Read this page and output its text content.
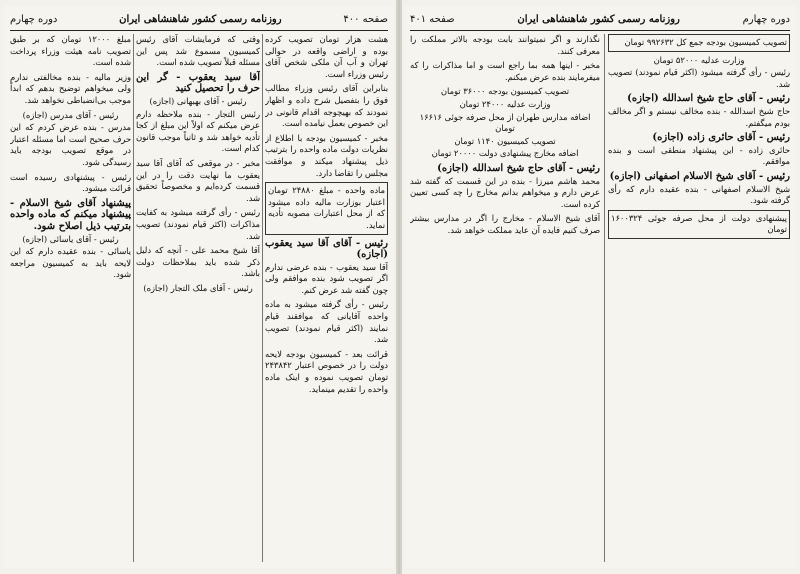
دوره چهارم	روزنامه رسمی کشور شاهنشاهی ایران	صفحه ۴۰۰

هشت هزار تومان تصویب کرده بوده و اراضی واقعه در حوالی تهران و آب آن ملکی شخص آقای رئیس وزراء است.

بنابراین آقای رئیس وزراء مطالب فوق را بتفصیل شرح داده و اظهار نمودند که بهیچوجه اقدام قانونی در این خصوص بعمل نیامده است.

مخبر - کمیسیون بودجه با اطلاع از نظریات دولت ماده واحده را بترتیب ذیل پیشنهاد میکند و موافقت مجلس را تقاضا دارد.

ماده واحده - مبلغ ۲۴۸۸۰ تومان اعتبار بوزارت مالیه داده میشود که از محل اعتبارات مصوبه تأدیه نماید.

رئیس - آقای آقا سید یعقوب (اجازه)

آقا سید یعقوب - بنده عرضی ندارم اگر تصویب شود بنده موافقم ولی چون گفته شد عرض کنم.

رئیس - رأی گرفته میشود به ماده واحده آقایانی که موافقند قیام نمایند (اکثر قیام نمودند) تصویب شد.

قرائت بعد - کمیسیون بودجه لایحه دولت را در خصوص اعتبار ۲۴۳۸۴۲ تومان تصویب نموده و اینک ماده واحده را تقدیم مینماید.

وقتی که فرمایشات آقای رئیس کمیسیون مسموع شد پس این مسئله قبلاً تصویب شده است.

آقا سید یعقوب - گر این حرف را تحصیل کنید

رئیس - آقای بهبهانی (اجازه)

رئیس التجار - بنده ملاحظه دارم عرض میکنم که اولاً این مبلغ از کجا تأدیه خواهد شد و ثانیاً موجب قانون کدام است.

مخبر - در موقعی که آقای آقا سید یعقوب ما نهایت دقت را در این قسمت کرده‌ایم و مخصوصاً تحقیق شد.

رئیس - رأی گرفته میشود به کفایت مذاکرات (اکثر قیام نمودند) تصویب شد.

آقا شیخ محمد علی - آنچه که دلیل ذکر شده باید بملاحظات دولت باشد.

رئیس - آقای ملک التجار (اجازه)

مبلغ ۱۲۰۰۰ تومان که بر طبق تصویب نامه هیئت وزراء پرداخت شده است.

وزیر مالیه - بنده مخالفتی ندارم ولی میخواهم توضیح بدهم که ابداً موجب بی‌انضباطی نخواهد شد.

رئیس - آقای مدرس (اجازه)

مدرس - بنده عرض کردم که این حرف صحیح است اما مسئله اعتبار در موقع تصویب بودجه باید رسیدگی شود.

رئیس - پیشنهادی رسیده است قرائت میشود.

پیشنهاد آقای شیخ الاسلام - پیشنهاد میکنم که ماده واحده بترتیب ذیل اصلاح شود.

رئیس - آقای یاسائی (اجازه)

یاسائی - بنده عقیده دارم که این لایحه باید به کمیسیون مراجعه شود.

صفحه ۴۰۱	روزنامه رسمی کشور شاهنشاهی ایران	دوره چهارم

تصویب کمیسیون بودجه جمع کل ۹۹۲۶۳۲ تومان

وزارت عدلیه ۵۲۰۰۰ تومان

رئیس - رأی گرفته میشود (اکثر قیام نمودند) تصویب شد.

رئیس - آقای حاج شیخ اسدالله (اجازه)

حاج شیخ اسدالله - بنده مخالف نیستم و اگر مخالف بودم میگفتم.

رئیس - آقای حائری زاده (اجازه)

حائری زاده - این پیشنهاد منطقی است و بنده موافقم.

رئیس - آقای شیخ الاسلام اصفهانی (اجازه)

شیخ الاسلام اصفهانی - بنده عقیده دارم که رأی گرفته شود.

پیشنهادی دولت از محل صرفه جوئی ۱۶۰۰۳۲۴ تومان

نگذارند و اگر نمیتوانند بابت بودجه بالاتر مملکت را معرفی کنند.

مخبر - اینها همه بما راجع است و اما مذاکرات را که میفرمایند بنده عرض میکنم.

تصویب کمیسیون بودجه ۳۶۰۰۰ تومان

وزارت عدلیه ۲۴۰۰۰ تومان

اضافه مدارس طهران از محل صرفه جوئی ۱۶۶۱۶ تومان

تصویب کمیسیون ۱۱۴۰ تومان

اضافه مخارج پیشنهادی دولت ۲۰۰۰۰ تومان

رئیس - آقای حاج شیخ اسدالله (اجازه)

محمد هاشم میرزا - بنده در این قسمت که گفته شد عرض دارم و میخواهم بدانم مخارج را چه کسی تعیین کرده است.

آقای شیخ الاسلام - مخارج را اگر در مدارس بیشتر صرف کنیم فایده آن عاید مملکت خواهد شد.
